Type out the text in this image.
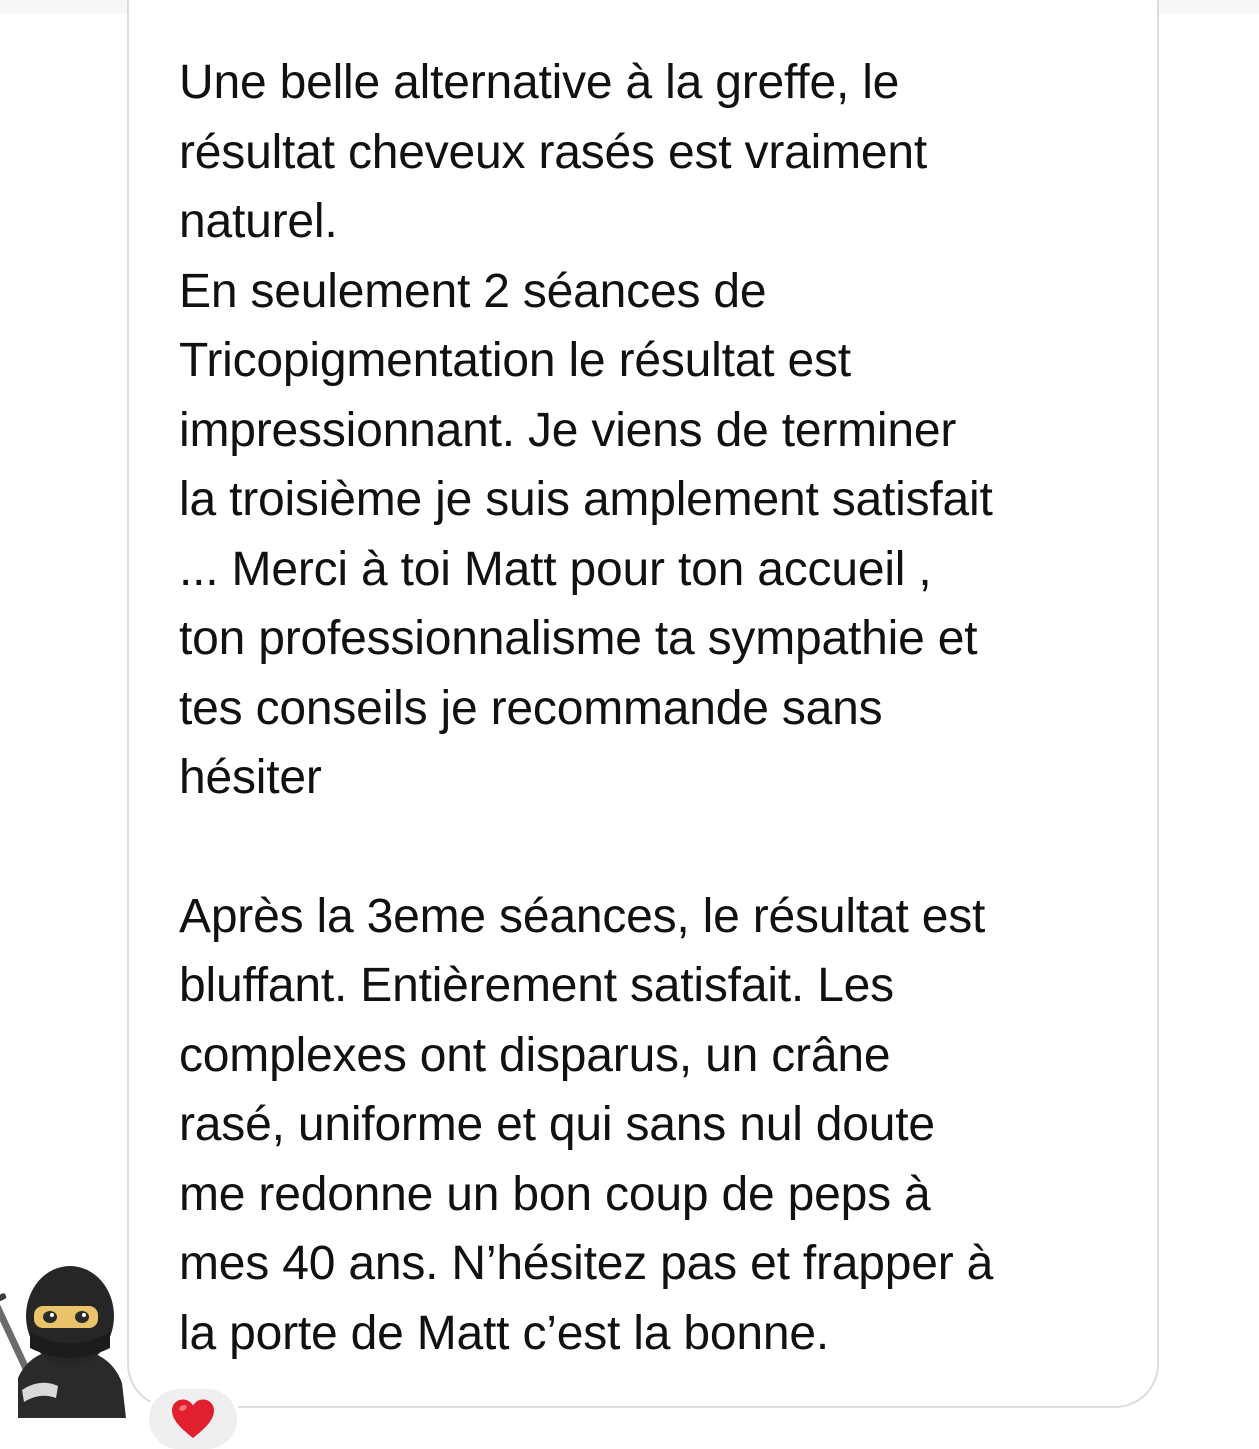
Une belle alternative à la greffe, le
résultat cheveux rasés est vraiment
naturel.

En seulement 2 séances de
Tricopigmentation le résultat est
impressionnant. Je viens de terminer
la troisième je suis amplement satisfait
... Merci à toi Matt pour ton accueil ,
ton professionnalisme ta sympathie et
tes conseils je recommande sans
hésiter

Après la 3eme séances, le résultat est
bluffant. Entièrement satisfait. Les
complexes ont disparus, un crâne
rasé, uniforme et qui sans nul doute
me redonne un bon coup de peps à
mes 40 ans. N’hésitez pas et frapper à
la porte de Matt c’est la bonne.
